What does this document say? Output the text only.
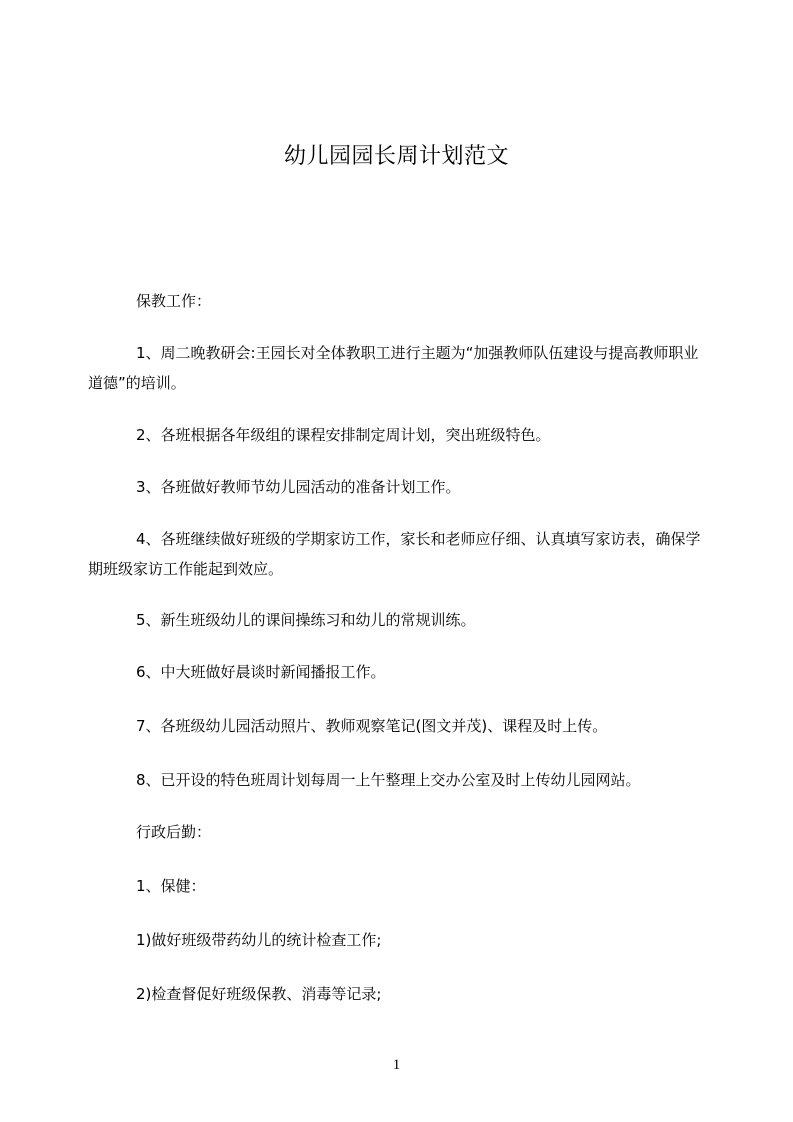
幼儿园园长周计划范文

保教工作：

1、周二晚教研会:王园长对全体教职工进行主题为“加强教师队伍建设与提高教师职业道德”的培训。

2、各班根据各年级组的课程安排制定周计划，突出班级特色。

3、各班做好教师节幼儿园活动的准备计划工作。

4、各班继续做好班级的学期家访工作，家长和老师应仔细、认真填写家访表，确保学期班级家访工作能起到效应。

5、新生班级幼儿的课间操练习和幼儿的常规训练。

6、中大班做好晨谈时新闻播报工作。

7、各班级幼儿园活动照片、教师观察笔记(图文并茂)、课程及时上传。

8、已开设的特色班周计划每周一上午整理上交办公室及时上传幼儿园网站。

行政后勤：

1、保健：

1)做好班级带药幼儿的统计检查工作;

2)检查督促好班级保教、消毒等记录;

1
